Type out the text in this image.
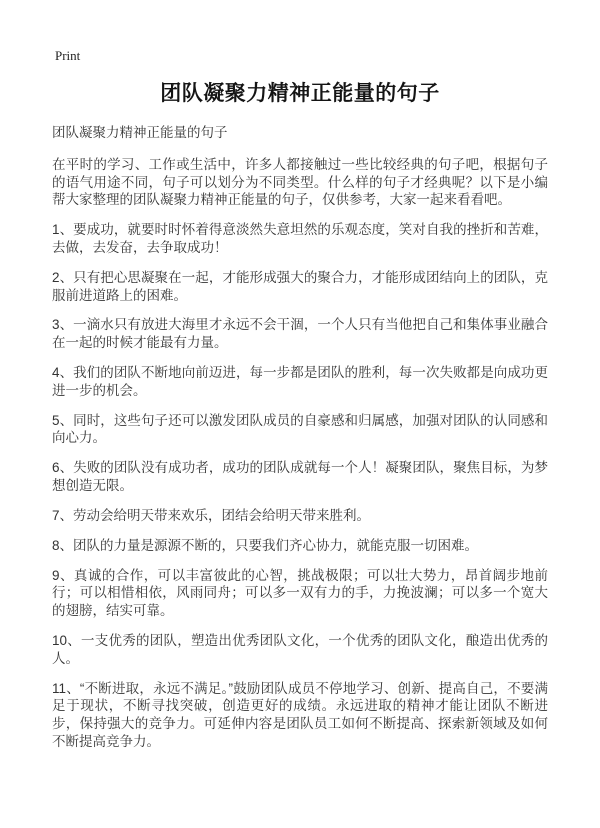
Print
团队凝聚力精神正能量的句子

团队凝聚力精神正能量的句子

在平时的学习、工作或生活中，许多人都接触过一些比较经典的句子吧，根据句子的语气用途不同，句子可以划分为不同类型。什么样的句子才经典呢？以下是小编帮大家整理的团队凝聚力精神正能量的句子，仅供参考，大家一起来看看吧。

1、要成功，就要时时怀着得意淡然失意坦然的乐观态度，笑对自我的挫折和苦难，去做，去发奋，去争取成功！

2、只有把心思凝聚在一起，才能形成强大的聚合力，才能形成团结向上的团队，克服前进道路上的困难。

3、一滴水只有放进大海里才永远不会干涸，一个人只有当他把自己和集体事业融合在一起的时候才能最有力量。

4、我们的团队不断地向前迈进，每一步都是团队的胜利，每一次失败都是向成功更进一步的机会。

5、同时，这些句子还可以激发团队成员的自豪感和归属感，加强对团队的认同感和向心力。

6、失败的团队没有成功者，成功的团队成就每一个人！凝聚团队，聚焦目标，为梦想创造无限。

7、劳动会给明天带来欢乐，团结会给明天带来胜利。

8、团队的力量是源源不断的，只要我们齐心协力，就能克服一切困难。

9、真诚的合作，可以丰富彼此的心智，挑战极限；可以壮大势力，昂首阔步地前行；可以相惜相依，风雨同舟；可以多一双有力的手，力挽波澜；可以多一个宽大的翅膀，结实可靠。

10、一支优秀的团队，塑造出优秀团队文化，一个优秀的团队文化，酿造出优秀的人。

11、“不断进取，永远不满足。”鼓励团队成员不停地学习、创新、提高自己，不要满足于现状，不断寻找突破，创造更好的成绩。永远进取的精神才能让团队不断进步，保持强大的竞争力。可延伸内容是团队员工如何不断提高、探索新领域及如何不断提高竞争力。
